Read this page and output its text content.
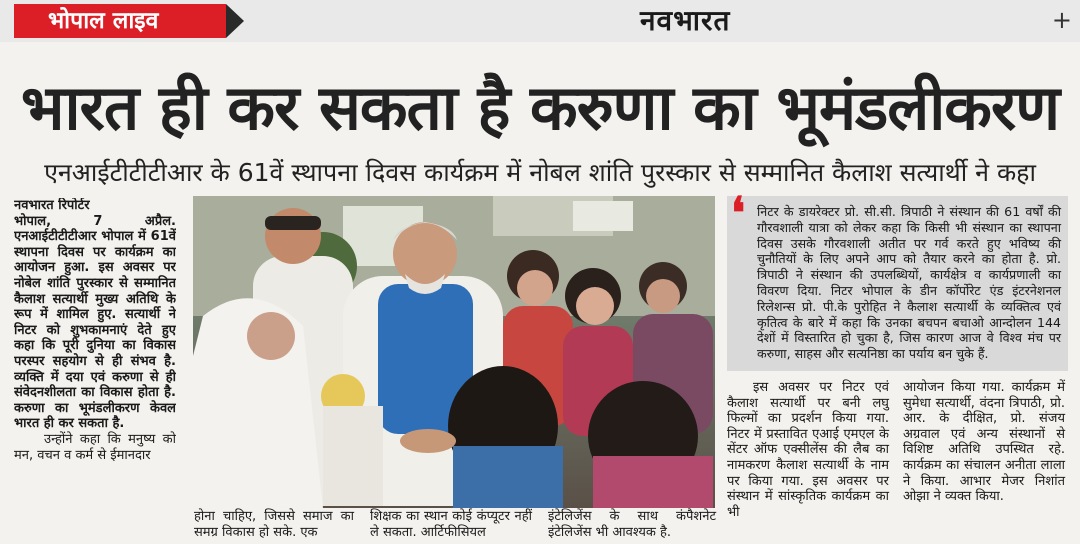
भोपाल लाइव	नवभारत	+
भारत ही कर सकता है करुणा का भूमंडलीकरण
एनआईटीटीटीआर के 61वें स्थापना दिवस कार्यक्रम में नोबल शांति पुरस्कार से सम्मानित कैलाश सत्यार्थी ने कहा
नवभारत रिपोर्टर
भोपाल, 7 अप्रैल. एनआईटीटीटीआर भोपाल में 61वें स्थापना दिवस पर कार्यक्रम का आयोजन हुआ. इस अवसर पर नोबेल शांति पुरस्कार से सम्मानित कैलाश सत्यार्थी मुख्य अतिथि के रूप में शामिल हुए. सत्यार्थी ने निटर को शुभकामनाएं देते हुए कहा कि पूरी दुनिया का विकास परस्पर सहयोग से ही संभव है. व्यक्ति में दया एवं करुणा से ही संवेदनशीलता का विकास होता है. करुणा का भूमंडलीकरण केवल भारत ही कर सकता है.
उन्होंने कहा कि मनुष्य को मन, वचन व कर्म से ईमानदार
❛ निटर के डायरेक्टर प्रो. सी.सी. त्रिपाठी ने संस्थान की 61 वर्षों की गौरवशाली यात्रा को लेकर कहा कि किसी भी संस्थान का स्थापना दिवस उसके गौरवशाली अतीत पर गर्व करते हुए भविष्य की चुनौतियों के लिए अपने आप को तैयार करने का होता है. प्रो. त्रिपाठी ने संस्थान की उपलब्धियों, कार्यक्षेत्र व कार्यप्रणाली का विवरण दिया. निटर भोपाल के डीन कॉर्पोरेट एंड इंटरनेशनल रिलेशन्स प्रो. पी.के पुरोहित ने कैलाश सत्यार्थी के व्यक्तित्व एवं कृतित्व के बारे में कहा कि उनका बचपन बचाओ आन्दोलन 144 देशों में विस्तारित हो चुका है, जिस कारण आज वे विश्व मंच पर करुणा, साहस और सत्यनिष्ठा का पर्याय बन चुके हैं.
इस अवसर पर निटर एवं कैलाश सत्यार्थी पर बनी लघु फिल्मों का प्रदर्शन किया गया. निटर में प्रस्तावित एआई एमएल के सेंटर ऑफ एक्सीलेंस की लैब का नामकरण कैलाश सत्यार्थी के नाम पर किया गया. इस अवसर पर संस्थान में सांस्कृतिक कार्यक्रम का भी
आयोजन किया गया. कार्यक्रम में सुमेधा सत्यार्थी, वंदना त्रिपाठी, प्रो. आर. के दीक्षित, प्रो. संजय अग्रवाल एवं अन्य संस्थानों से विशिष्ट अतिथि उपस्थित रहे. कार्यक्रम का संचालन अनीता लाला ने किया. आभार मेजर निशांत ओझा ने व्यक्त किया.
होना चाहिए, जिससे समाज का समग्र विकास हो सके. एक
शिक्षक का स्थान कोई कंप्यूटर नहीं ले सकता. आर्टिफीसियल
इंटेलिजेंस के साथ कंपैशनेट इंटेलिजेंस भी आवश्यक है.
